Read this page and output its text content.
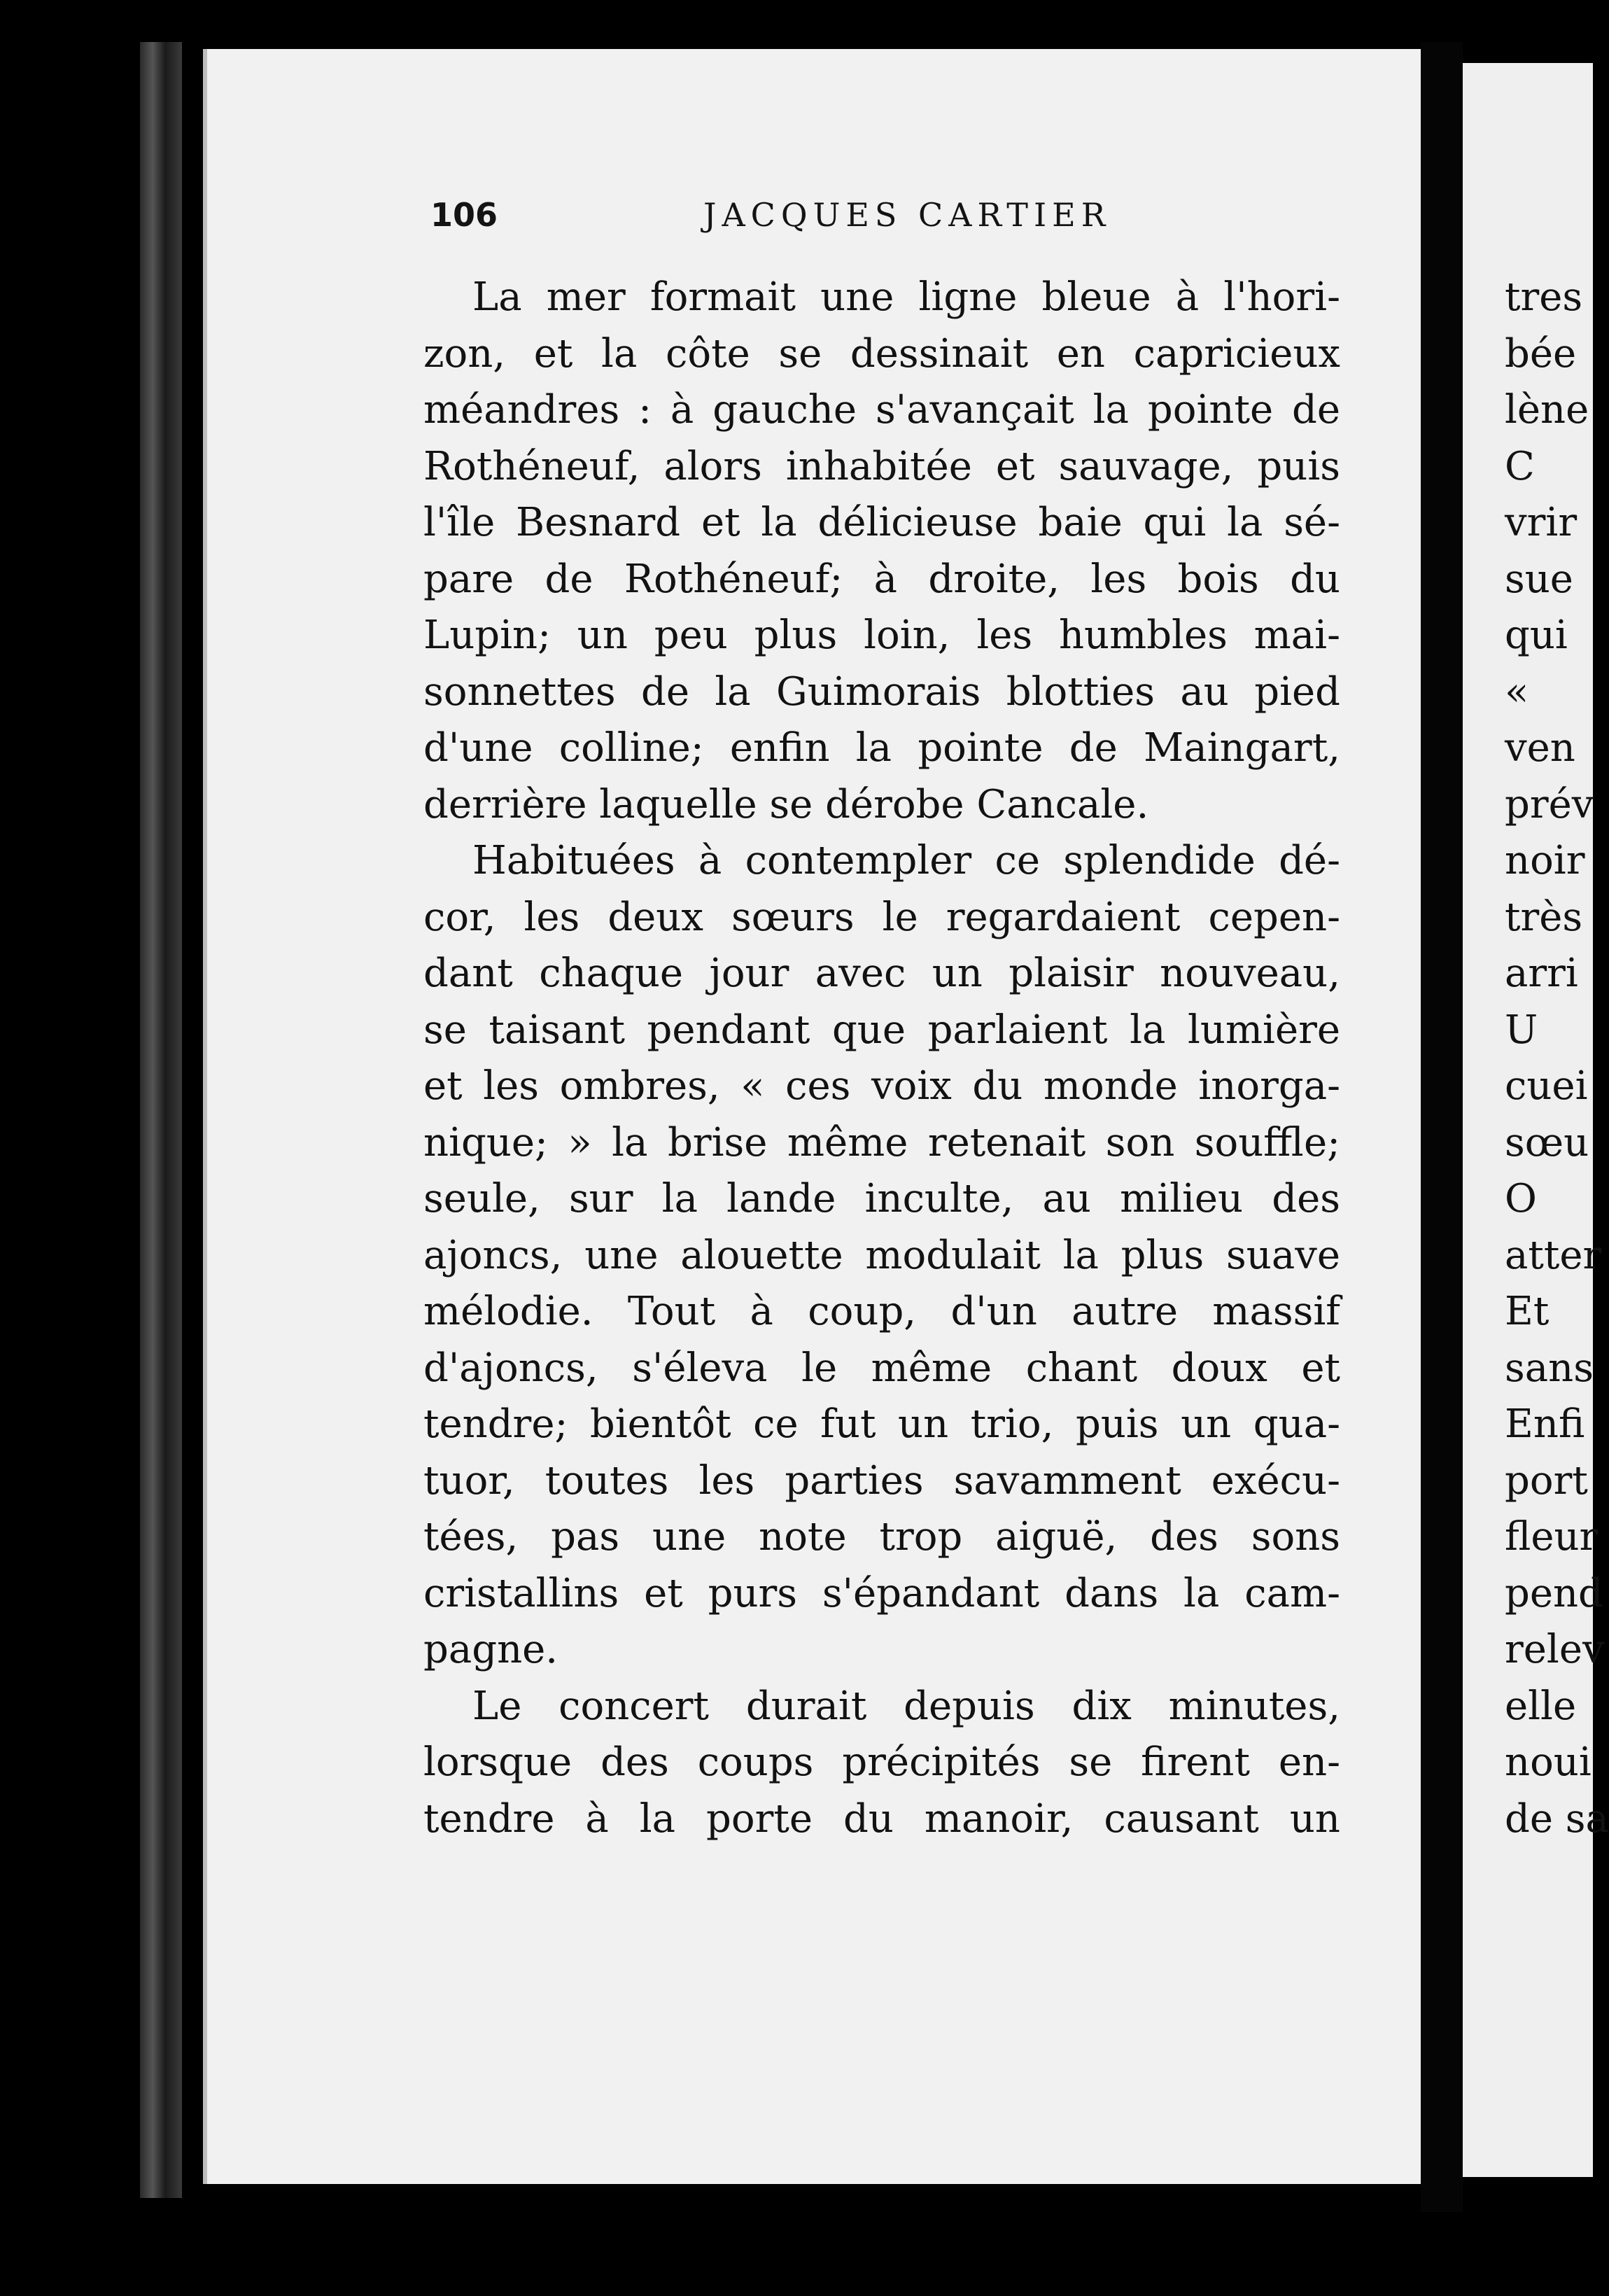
106	JACQUES CARTIER
La mer formait une ligne bleue à l'hori-
zon, et la côte se dessinait en capricieux
méandres : à gauche s'avançait la pointe de
Rothéneuf, alors inhabitée et sauvage, puis
l'île Besnard et la délicieuse baie qui la sé-
pare de Rothéneuf; à droite, les bois du
Lupin; un peu plus loin, les humbles mai-
sonnettes de la Guimorais blotties au pied
d'une colline; enfin la pointe de Maingart,
derrière laquelle se dérobe Cancale.
Habituées à contempler ce splendide dé-
cor, les deux sœurs le regardaient cepen-
dant chaque jour avec un plaisir nouveau,
se taisant pendant que parlaient la lumière
et les ombres, « ces voix du monde inorga-
nique; » la brise même retenait son souffle;
seule, sur la lande inculte, au milieu des
ajoncs, une alouette modulait la plus suave
mélodie. Tout à coup, d'un autre massif
d'ajoncs, s'éleva le même chant doux et
tendre; bientôt ce fut un trio, puis un qua-
tuor, toutes les parties savamment exécu-
tées, pas une note trop aiguë, des sons
cristallins et purs s'épandant dans la cam-
pagne.
Le concert durait depuis dix minutes,
lorsque des coups précipités se firent en-
tendre à la porte du manoir, causant un
tres
bée
lène
C
vrir
sue
qui
«
ven
prév
noir
très
arri
U
cuei
sœu
O
atter
Et
sans
Enfi
port
fleur
pend
relev
elle
noui
de sa
